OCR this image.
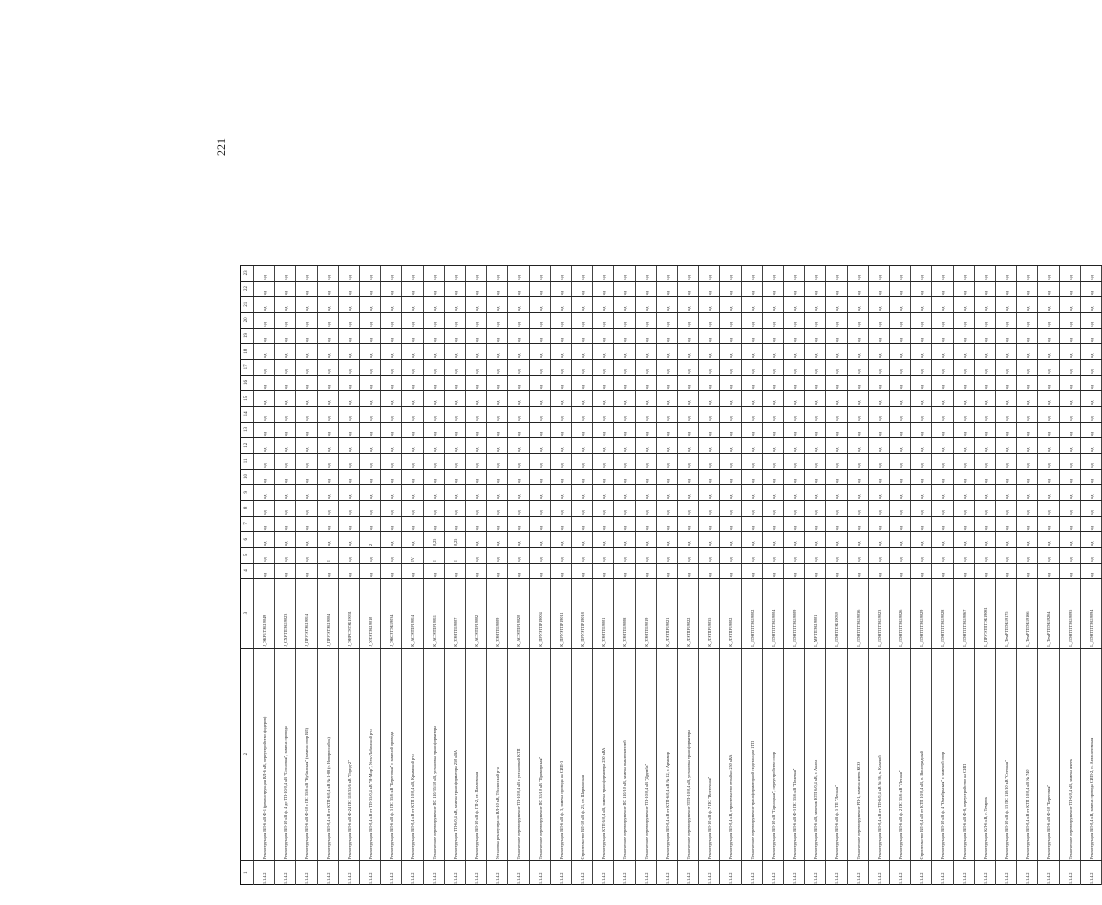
221
1
2
3
4
5
6
7
8
9
10
11
12
13
14
15
16
17
18
19
20
21
22
23
1.1.4.2
Реконструкция ВЛ-6 кВ Ф-1 (реконструкция ВЛ-6 кВ, переустройство фидеров)
J_ЭКР1ТЭБ19049
нд
нд
нд
нд
нд
нд
нд
нд
нд
нд
нд
нд
нд
нд
нд
нд
нд
нд
нд
нд
1.1.4.2
Реконструкция ВЛ-10 кВ ф. 4 до ТП-10/0,4 кВ "Сосновая", замена провода
J_СХРТПЭБ19023
нд
нд
нд
нд
нд
нд
нд
нд
нд
нд
нд
нд
нд
нд
нд
нд
нд
нд
нд
нд
1.1.4.2
Реконструкция ВЛ-6 кВ Ф-10 с ПС 35/6 кВ "Кубанская" (замена опор ВЛ)
J_ПРУЭТЭБ19014
нд
нд
нд
нд
нд
нд
нд
нд
нд
нд
нд
нд
нд
нд
нд
нд
нд
нд
нд
нд
1.1.4.2
Реконструкция ВЛ-0,4 кВ от КТП-6/0,4 кВ № 1-88 (г. Новороссийск)
J_ПРУЭТЭБ19004
нд
I
нд
нд
нд
нд
нд
нд
нд
нд
нд
нд
нд
нд
нд
нд
нд
нд
нд
нд
1.1.4.2
Реконструкция ВЛ-6 кВ Ф-24 ПС 110/35/6 кВ "Город-2"
J_ЭНРСЭТЭБ19031
нд
нд
нд
нд
нд
нд
нд
нд
нд
нд
нд
нд
нд
нд
нд
нд
нд
нд
нд
нд
1.1.4.2
Реконструкция ВЛ-0,4 кВ от ТП-35/0,4 кВ "Н-Мир", Усть-Лабинский р-н
J_УЛЭТЭБ19010
нд
нд
2
нд
нд
нд
нд
нд
нд
нд
нд
нд
нд
нд
нд
нд
нд
нд
нд
нд
1.1.4.2
Реконструкция ВЛ-6 кВ ф. 5 ПС 35/6 кВ "Береговая" с заменой провода
J_ЭКСЗТЭБ19034
нд
нд
нд
нд
нд
нд
нд
нд
нд
нд
нд
нд
нд
нд
нд
нд
нд
нд
нд
нд
1.1.4.2
Реконструкция ВЛ-0,4 кВ от КТП 10/0,4 кВ, Крымский р-н
K_АСЭТПР19014
нд
IV
нд
нд
нд
нд
нд
нд
нд
нд
нд
нд
нд
нд
нд
нд
нд
нд
нд
нд
1.1.4.2
Техническое перевооружение ПС 110/35/10 кВ, установка трансформатора
K_АСЭТПР19011
нд
I
0,25
нд
нд
нд
нд
нд
нд
нд
нд
нд
нд
нд
нд
нд
нд
нд
нд
нд
1.1.4.2
Реконструкция ТП-6/0,4 кВ, замена трансформатора 250 кВА
K_ЗЭНТП19007
нд
I
0,25
нд
нд
нд
нд
нд
нд
нд
нд
нд
нд
нд
нд
нд
нд
нд
нд
нд
1.1.4.2
Реконструкция ВЛ-10 кВ ф. ГП-2, ст. Павловская
K_АСЭТПР19002
нд
нд
нд
нд
нд
нд
нд
нд
нд
нд
нд
нд
нд
нд
нд
нд
нд
нд
нд
нд
1.1.4.2
Установка реклоузера на ВЛ-10 кВ, Тбилисский р-н
K_ЗЭНТП19009
нд
нд
нд
нд
нд
нд
нд
нд
нд
нд
нд
нд
нд
нд
нд
нд
нд
нд
нд
нд
1.1.4.2
Техническое перевооружение ТП-10/0,4 кВ с установкой КТП
K_АСЭТПР19020
нд
нд
нд
нд
нд
нд
нд
нд
нд
нд
нд
нд
нд
нд
нд
нд
нд
нд
нд
нд
1.1.4.2
Техническое перевооружение ПС 35/10 кВ "Приморская"
K_ПРУЭТПР19004
нд
нд
нд
нд
нд
нд
нд
нд
нд
нд
нд
нд
нд
нд
нд
нд
нд
нд
нд
нд
1.1.4.2
Реконструкция ВЛ-6 кВ ф. 3, замена провода на СИП-3
K_ПРУЭТПР19011
нд
нд
нд
нд
нд
нд
нд
нд
нд
нд
нд
нд
нд
нд
нд
нд
нд
нд
нд
нд
1.1.4.2
Строительство ВЛ-10 кВ ф. 21, ст. Ширванская
K_ПРУЭТПР19018
нд
нд
нд
нд
нд
нд
нд
нд
нд
нд
нд
нд
нд
нд
нд
нд
нд
нд
нд
нд
1.1.4.2
Реконструкция КТП 6/0,4 кВ, замена трансформатора 250 кВА
K_ЗЭНТП19001
нд
нд
нд
нд
нд
нд
нд
нд
нд
нд
нд
нд
нд
нд
нд
нд
нд
нд
нд
нд
1.1.4.2
Техническое перевооружение ПС 110/10 кВ, замена выключателей
K_ЗЭНТП19008
нд
нд
нд
нд
нд
нд
нд
нд
нд
нд
нд
нд
нд
нд
нд
нд
нд
нд
нд
нд
1.1.4.2
Техническое перевооружение ТП-10/0,4 кВ "Дружба"
K_ЗЭНТП19019
нд
нд
нд
нд
нд
нд
нд
нд
нд
нд
нд
нд
нд
нд
нд
нд
нд
нд
нд
нд
1.1.4.2
Реконструкция ВЛ-0,4 кВ от КТП-6/0,4 кВ № 12, г. Армавир
K_ЛЭТПР19021
нд
нд
нд
нд
нд
нд
нд
нд
нд
нд
нд
нд
нд
нд
нд
нд
нд
нд
нд
нд
1.1.4.2
Техническое перевооружение ЗТП-10/0,4 кВ, установка трансформатора
K_ЛЭТПР19022
нд
нд
нд
нд
нд
нд
нд
нд
нд
нд
нд
нд
нд
нд
нд
нд
нд
нд
нд
нд
1.1.4.2
Реконструкция ВЛ-10 кВ ф. 7 ПС "Восточная"
K_ЛЭТПР19035
нд
нд
нд
нд
нд
нд
нд
нд
нд
нд
нд
нд
нд
нд
нд
нд
нд
нд
нд
нд
1.1.4.2
Реконструкция ВЛ-0,4 кВ, строительство отпайки 250 кВА
K_ЛЭТПР19002
нд
нд
нд
нд
нд
нд
нд
нд
нд
нд
нд
нд
нд
нд
нд
нд
нд
нд
нд
нд
1.1.4.2
Техническое перевооружение трансформаторной подстанции 1ТП
L_ЛЭНТПТЭБ19002
нд
нд
нд
нд
нд
нд
нд
нд
нд
нд
нд
нд
нд
нд
нд
нд
нд
нд
нд
нд
1.1.4.2
Реконструкция ВЛ-10 кВ "Гарницкая", переустройство опор
L_ЛЭНТПТЭБ19004
нд
нд
нд
нд
нд
нд
нд
нд
нд
нд
нд
нд
нд
нд
нд
нд
нд
нд
нд
нд
1.1.4.2
Реконструкция ВЛ-6 кВ Ф-3 ПС 35/6 кВ "Полевая"
L_ЛЭНТПТЭБ19009
нд
нд
нд
нд
нд
нд
нд
нд
нд
нд
нд
нд
нд
нд
нд
нд
нд
нд
нд
нд
1.1.4.2
Реконструкция ВЛ-6 кВ, монтаж КТП 6/0,4 кВ, г. Анапа
L_МРТПЭБ19001
нд
нд
нд
нд
нд
нд
нд
нд
нд
нд
нд
нд
нд
нд
нд
нд
нд
нд
нд
нд
1.1.4.2
Реконструкция ВЛ-6 кВ ф. 5 ТП "Лесная"
L_ЛЭНТПЭБ19039
нд
нд
нд
нд
нд
нд
нд
нд
нд
нд
нд
нд
нд
нд
нд
нд
нд
нд
нд
нд
1.1.4.2
Техническое перевооружение РП-1, замена ячеек КСО
L_ЛЭНТПТЭБ19036
нд
нд
нд
нд
нд
нд
нд
нд
нд
нд
нд
нд
нд
нд
нд
нд
нд
нд
нд
нд
1.1.4.2
Реконструкция ВЛ-0,4 кВ от ТП-6/0,4 кВ № 36, х. Казачий
L_ЛЭНТПТЭБ19023
нд
нд
нд
нд
нд
нд
нд
нд
нд
нд
нд
нд
нд
нд
нд
нд
нд
нд
нд
нд
1.1.4.2
Реконструкция ВЛ-6 кВ ф. 2 ПС 35/6 кВ "Лесная"
L_ЛЭНТПТЭБ19026
нд
нд
нд
нд
нд
нд
нд
нд
нд
нд
нд
нд
нд
нд
нд
нд
нд
нд
нд
нд
1.1.4.2
Строительство ВЛ-0,4 кВ от КТП 10/0,4 кВ, п. Виноградный
L_ЛЭНТПТЭБ19029
нд
нд
нд
нд
нд
нд
нд
нд
нд
нд
нд
нд
нд
нд
нд
нд
нд
нд
нд
нд
1.1.4.2
Реконструкция ВЛ-10 кВ ф. 4 "Октябрьская" с заменой опор
L_ЛЭНТПТЭБ19028
нд
нд
нд
нд
нд
нд
нд
нд
нд
нд
нд
нд
нд
нд
нд
нд
нд
нд
нд
нд
1.1.4.2
Реконструкция ВЛ-6 кВ Ф-8, переустройство на СИП
L_ЛЭНТПТЭБ19067
нд
нд
нд
нд
нд
нд
нд
нд
нд
нд
нд
нд
нд
нд
нд
нд
нд
нд
нд
нд
1.1.4.2
Реконструкция КЛ-6 кВ, г. Темрюк
L_ПРУЭТПТЭБ19081
нд
нд
нд
нд
нд
нд
нд
нд
нд
нд
нд
нд
нд
нд
нд
нд
нд
нд
нд
нд
1.1.4.2
Реконструкция ВЛ-10 кВ ф. 13 ПС 110/10 кВ "Степная"
L_ТемРТПЭБ19175
нд
нд
нд
нд
нд
нд
нд
нд
нд
нд
нд
нд
нд
нд
нд
нд
нд
нд
нд
нд
1.1.4.2
Реконструкция ВЛ-0,4 кВ от КТП 10/0,4 кВ № 740
L_ТемРТПЭБ19166
нд
нд
нд
нд
нд
нд
нд
нд
нд
нд
нд
нд
нд
нд
нд
нд
нд
нд
нд
нд
1.1.4.2
Реконструкция ВЛ-6 кВ Ф-10 "Береговая"
L_ТемРТПЭБ19264
нд
нд
нд
нд
нд
нд
нд
нд
нд
нд
нд
нд
нд
нд
нд
нд
нд
нд
нд
нд
1.1.4.2
Техническое перевооружение ТП-6/0,4 кВ, замена ячеек
L_ЛЭНТПТЭБ19095
нд
нд
нд
нд
нд
нд
нд
нд
нд
нд
нд
нд
нд
нд
нд
нд
нд
нд
нд
нд
1.1.4.2
Реконструкция ВЛ-0,4 кВ, замена провода СИП-2, п. Ахтанизовская
L_ЛЭНТПТЭБ19094
нд
нд
нд
нд
нд
нд
нд
нд
нд
нд
нд
нд
нд
нд
нд
нд
нд
нд
нд
нд
